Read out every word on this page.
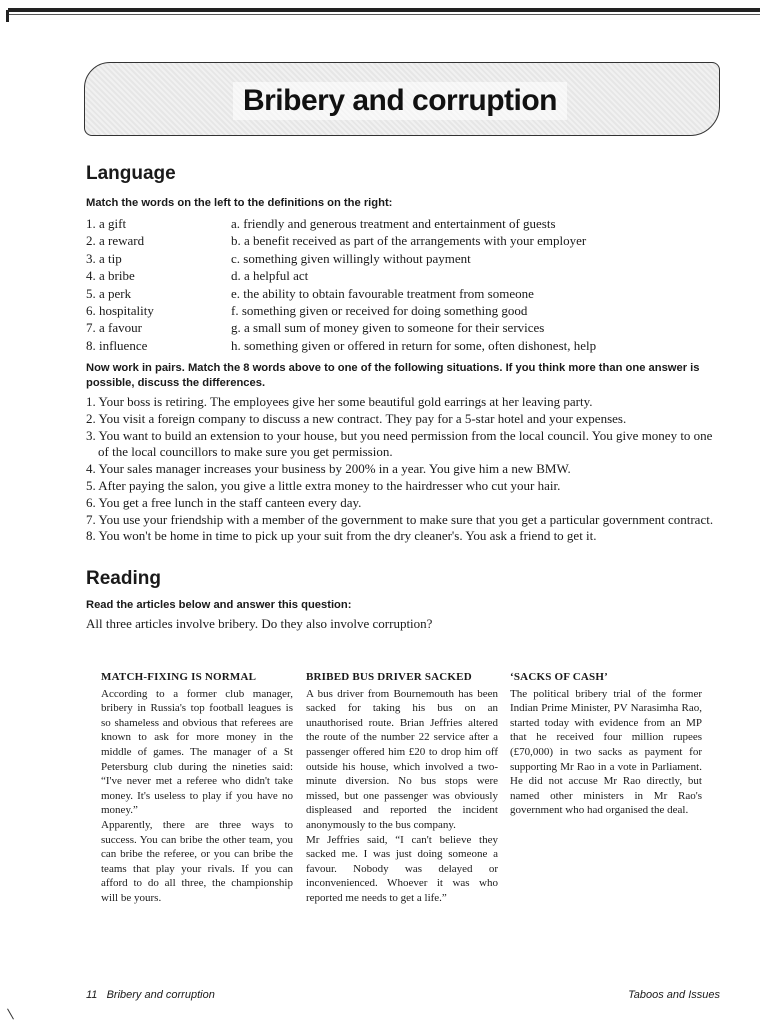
Bribery and corruption
Language
Match the words on the left to the definitions on the right:
1. a gift	a. friendly and generous treatment and entertainment of guests
2. a reward	b. a benefit received as part of the arrangements with your employer
3. a tip	c. something given willingly without payment
4. a bribe	d. a helpful act
5. a perk	e. the ability to obtain favourable treatment from someone
6. hospitality	f. something given or received for doing something good
7. a favour	g. a small sum of money given to someone for their services
8. influence	h. something given or offered in return for some, often dishonest, help
Now work in pairs. Match the 8 words above to one of the following situations. If you think more than one answer is possible, discuss the differences.
1. Your boss is retiring. The employees give her some beautiful gold earrings at her leaving party.
2. You visit a foreign company to discuss a new contract. They pay for a 5-star hotel and your expenses.
3. You want to build an extension to your house, but you need permission from the local council. You give money to one of the local councillors to make sure you get permission.
4. Your sales manager increases your business by 200% in a year. You give him a new BMW.
5. After paying the salon, you give a little extra money to the hairdresser who cut your hair.
6. You get a free lunch in the staff canteen every day.
7. You use your friendship with a member of the government to make sure that you get a particular government contract.
8. You won't be home in time to pick up your suit from the dry cleaner's. You ask a friend to get it.
Reading
Read the articles below and answer this question:
All three articles involve bribery. Do they also involve corruption?
MATCH-FIXING IS NORMAL

According to a former club manager, bribery in Russia's top football leagues is so shameless and obvious that referees are known to ask for more money in the middle of games. The manager of a St Petersburg club during the nineties said: “I've never met a referee who didn't take money. It's useless to play if you have no money.”

Apparently, there are three ways to success. You can bribe the other team, you can bribe the referee, or you can bribe the teams that play your rivals. If you can afford to do all three, the championship will be yours.

BRIBED BUS DRIVER SACKED

A bus driver from Bournemouth has been sacked for taking his bus on an unauthorised route. Brian Jeffries altered the route of the number 22 service after a passenger offered him £20 to drop him off outside his house, which involved a two-minute diversion. No bus stops were missed, but one passenger was obviously displeased and reported the incident anonymously to the bus company.

Mr Jeffries said, “I can't believe they sacked me. I was just doing someone a favour. Nobody was delayed or inconvenienced. Whoever it was who reported me needs to get a life.”

‘SACKS OF CASH’

The political bribery trial of the former Indian Prime Minister, PV Narasimha Rao, started today with evidence from an MP that he received four million rupees (£70,000) in two sacks as payment for supporting Mr Rao in a vote in Parliament. He did not accuse Mr Rao directly, but named other ministers in Mr Rao's government who had organised the deal.

11 Bribery and corruption	Taboos and Issues
